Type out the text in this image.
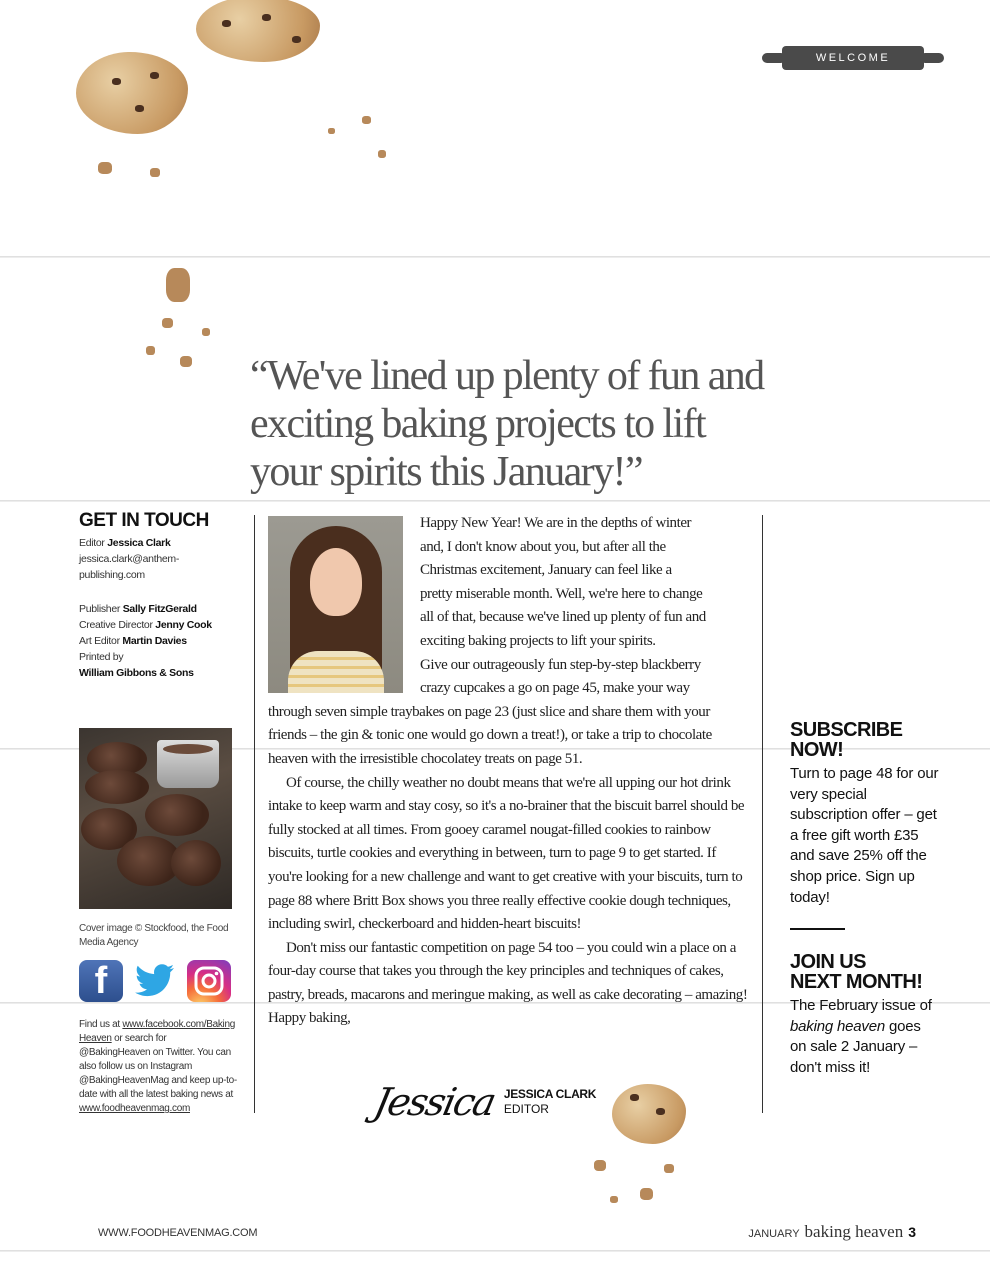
WELCOME
“We've lined up plenty of fun and exciting baking projects to lift your spirits this January!”
GET IN TOUCH
Editor Jessica Clark
jessica.clark@anthem-publishing.com
Publisher Sally FitzGerald
Creative Director Jenny Cook
Art Editor Martin Davies
Printed by
William Gibbons & Sons
Cover image © Stockfood, the Food Media Agency
f
Find us at www.facebook.com/Baking Heaven or search for @BakingHeaven on Twitter. You can also follow us on Instagram @BakingHeavenMag and keep up-to-date with all the latest baking news at www.foodheavenmag.com

Happy New Year! We are in the depths of winter

and, I don't know about you, but after all the

Christmas excitement, January can feel like a

pretty miserable month. Well, we're here to change

all of that, because we've lined up plenty of fun and

exciting baking projects to lift your spirits.

Give our outrageously fun step-by-step blackberry

crazy cupcakes a go on page 45, make your way

through seven simple traybakes on page 23 (just slice and share them with your friends – the gin & tonic one would go down a treat!), or take a trip to chocolate heaven with the irresistible chocolatey treats on page 51.

Of course, the chilly weather no doubt means that we're all upping our hot drink intake to keep warm and stay cosy, so it's a no-brainer that the biscuit barrel should be fully stocked at all times. From gooey caramel nougat-filled cookies to rainbow biscuits, turtle cookies and everything in between, turn to page 9 to get started. If you're looking for a new challenge and want to get creative with your biscuits, turn to page 88 where Britt Box shows you three really effective cookie dough techniques, including swirl, checkerboard and hidden-heart biscuits!

Don't miss our fantastic competition on page 54 too – you could win a place on a four-day course that takes you through the key principles and techniques of cakes, pastry, breads, macarons and meringue making, as well as cake decorating – amazing!

Happy baking,

Jessica JESSICA CLARK
EDITOR
SUBSCRIBE
NOW!

Turn to page 48 for our very special subscription offer – get a free gift worth £35 and save 25% off the shop price. Sign up today!

JOIN US
NEXT MONTH!

The February issue of baking heaven goes on sale 2 January – don't miss it!

WWW.FOODHEAVENMAG.COM	JANUARY baking heaven 3
